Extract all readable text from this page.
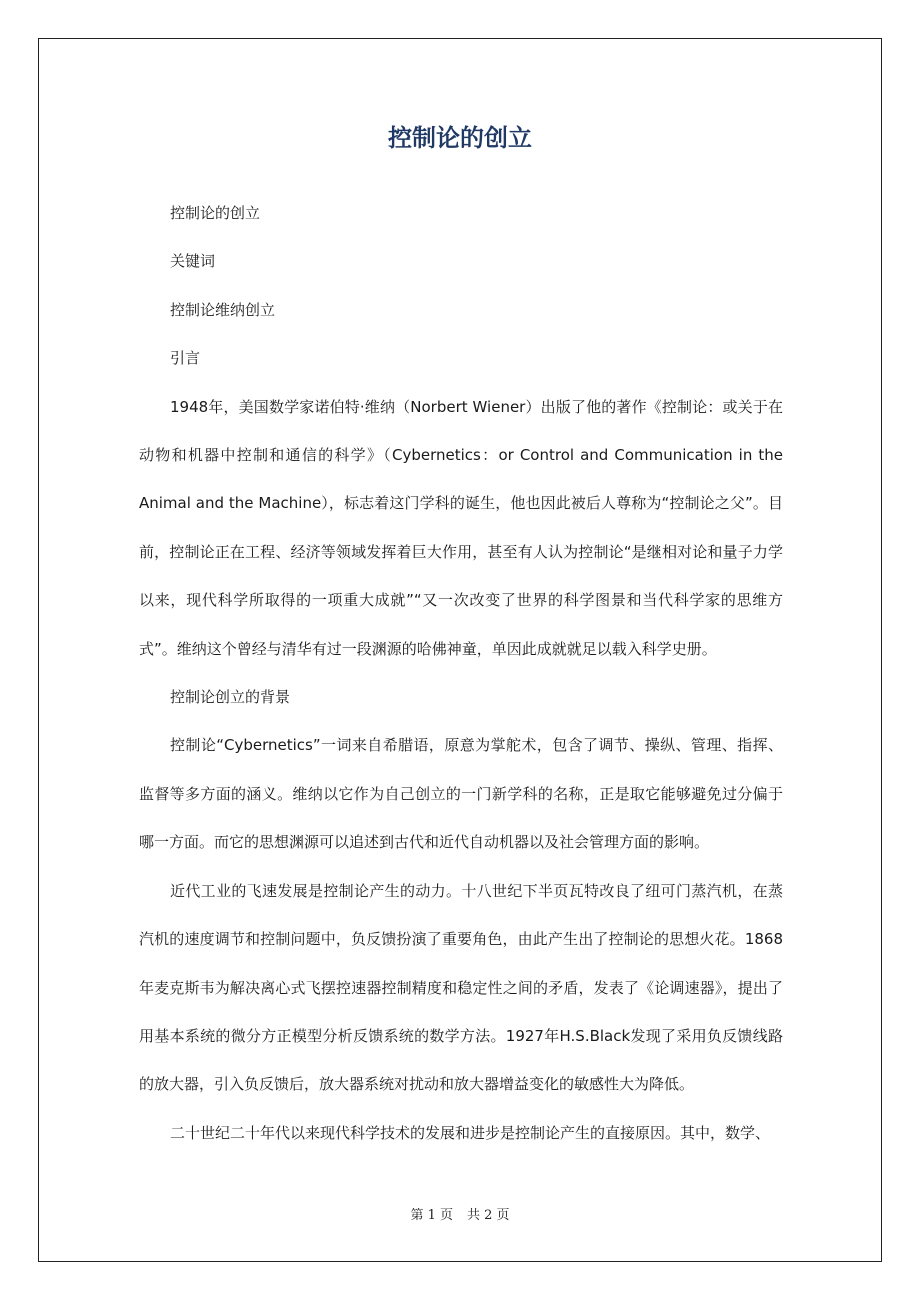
控制论的创立

控制论的创立

关键词

控制论维纳创立

引言

1948年，美国数学家诺伯特·维纳（Norbert Wiener）出版了他的著作《控制论：或关于在动物和机器中控制和通信的科学》（Cybernetics：or Control and Communication in the Animal and the Machine），标志着这门学科的诞生，他也因此被后人尊称为“控制论之父”。目前，控制论正在工程、经济等领域发挥着巨大作用，甚至有人认为控制论“是继相对论和量子力学以来，现代科学所取得的一项重大成就”“又一次改变了世界的科学图景和当代科学家的思维方式”。维纳这个曾经与清华有过一段渊源的哈佛神童，单因此成就就足以载入科学史册。

控制论创立的背景

控制论“Cybernetics”一词来自希腊语，原意为掌舵术，包含了调节、操纵、管理、指挥、监督等多方面的涵义。维纳以它作为自己创立的一门新学科的名称，正是取它能够避免过分偏于哪一方面。而它的思想渊源可以追述到古代和近代自动机器以及社会管理方面的影响。

近代工业的飞速发展是控制论产生的动力。十八世纪下半页瓦特改良了纽可门蒸汽机，在蒸汽机的速度调节和控制问题中，负反馈扮演了重要角色，由此产生出了控制论的思想火花。1868年麦克斯韦为解决离心式飞摆控速器控制精度和稳定性之间的矛盾，发表了《论调速器》，提出了用基本系统的微分方正模型分析反馈系统的数学方法。1927年H.S.Black发现了采用负反馈线路的放大器，引入负反馈后，放大器系统对扰动和放大器增益变化的敏感性大为降低。

二十世纪二十年代以来现代科学技术的发展和进步是控制论产生的直接原因。其中，数学、

第 1 页 共 2 页
